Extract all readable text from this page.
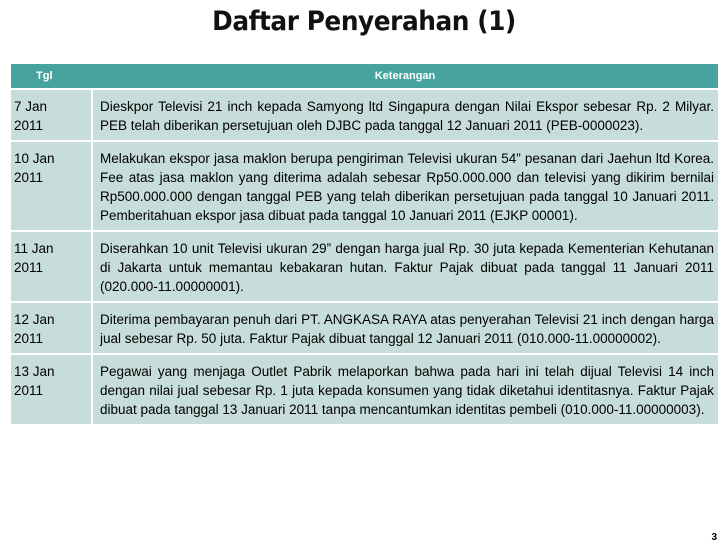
Daftar Penyerahan (1)
Tgl	Keterangan
7 Jan
2011	Dieskpor Televisi 21 inch kepada Samyong ltd Singapura dengan Nilai Ekspor sebesar Rp. 2 Milyar. PEB telah diberikan persetujuan oleh DJBC pada tanggal 12 Januari 2011 (PEB-0000023).
10 Jan
2011	Melakukan ekspor jasa maklon berupa pengiriman Televisi ukuran 54” pesanan dari Jaehun ltd Korea. Fee atas jasa maklon yang diterima adalah sebesar Rp50.000.000 dan televisi yang dikirim bernilai Rp500.000.000 dengan tanggal PEB yang telah diberikan persetujuan pada tanggal 10 Januari 2011. Pemberitahuan ekspor jasa dibuat pada tanggal 10 Januari 2011 (EJKP 00001).
11 Jan
2011	Diserahkan 10 unit Televisi ukuran 29” dengan harga jual Rp. 30 juta kepada Kementerian Kehutanan di Jakarta untuk memantau kebakaran hutan. Faktur Pajak dibuat pada tanggal 11 Januari 2011 (020.000-11.00000001).
12 Jan
2011	Diterima pembayaran penuh dari PT. ANGKASA RAYA atas penyerahan Televisi 21 inch dengan harga jual sebesar Rp. 50 juta. Faktur Pajak dibuat tanggal 12 Januari 2011 (010.000-11.00000002).
13 Jan
2011	Pegawai yang menjaga Outlet Pabrik melaporkan bahwa pada hari ini telah dijual Televisi 14 inch dengan nilai jual sebesar Rp. 1 juta kepada konsumen yang tidak diketahui identitasnya. Faktur Pajak dibuat pada tanggal 13 Januari 2011 tanpa mencantumkan identitas pembeli (010.000-11.00000003).
3
